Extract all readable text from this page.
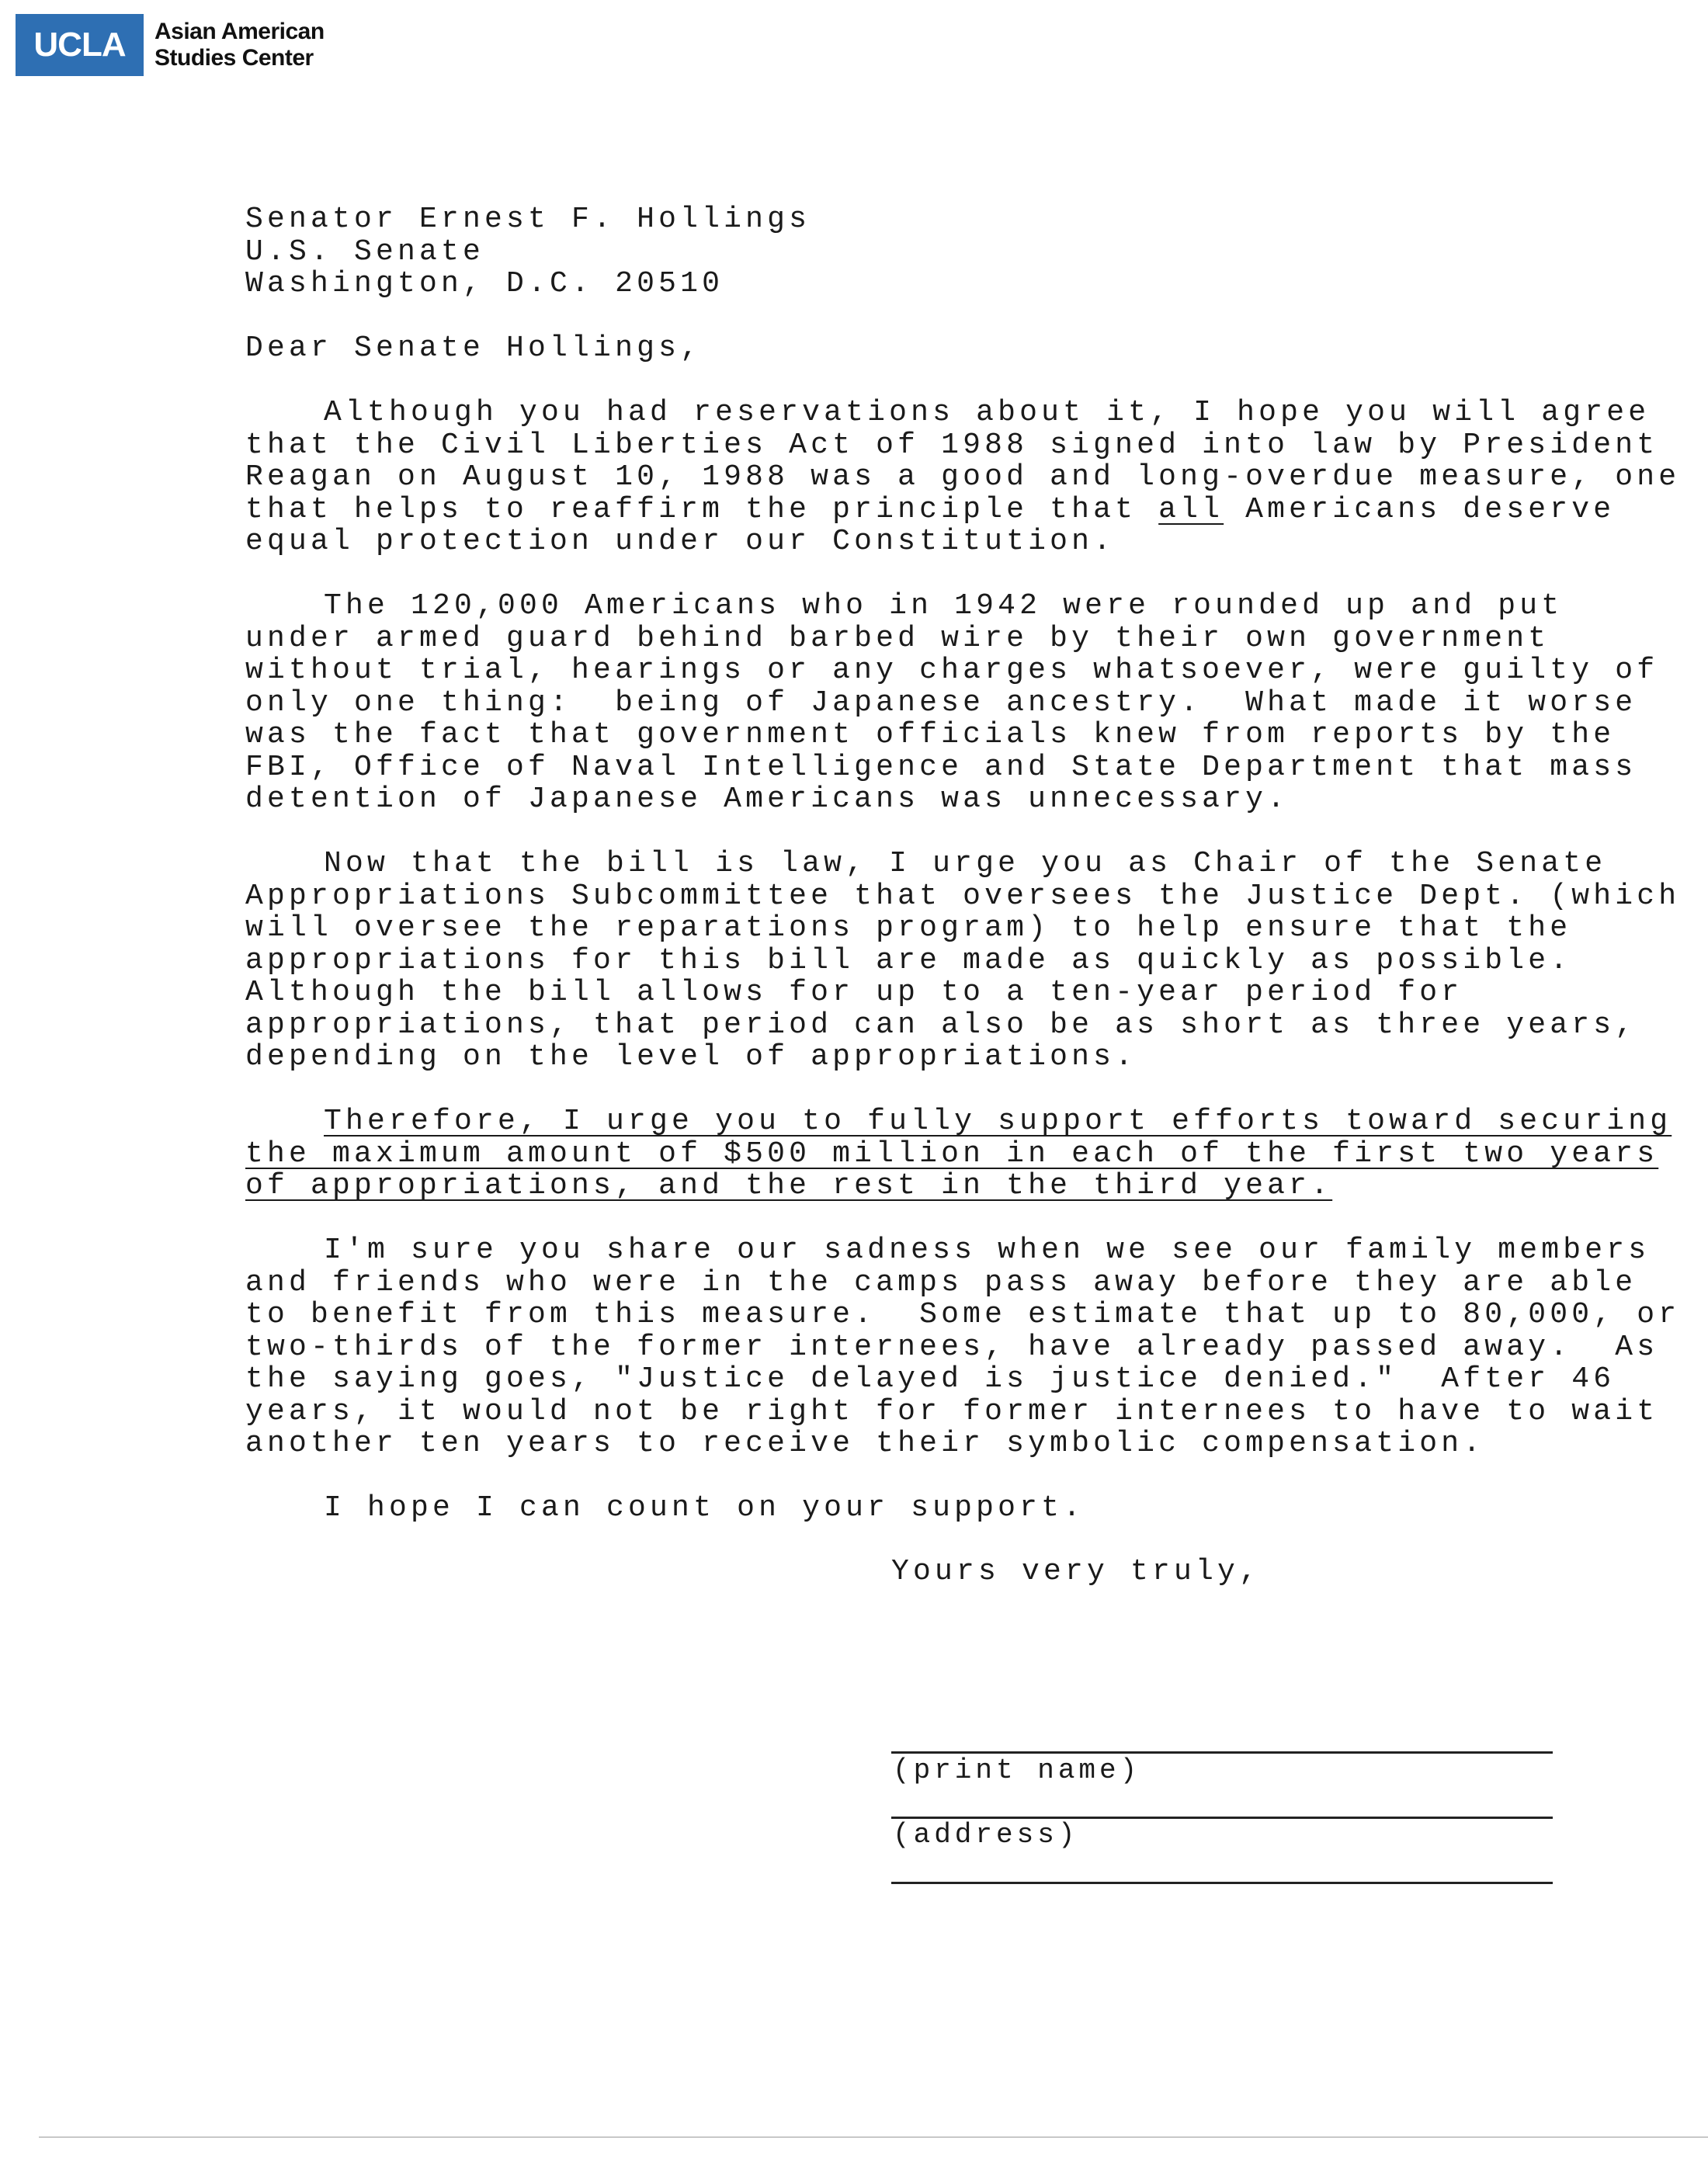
UCLA	Asian American
Studies Center
Senator Ernest F. Hollings
U.S. Senate
Washington, D.C. 20510
Dear Senate Hollings,
Although you had reservations about it, I hope you will agree
that the Civil Liberties Act of 1988 signed into law by President
Reagan on August 10, 1988 was a good and long-overdue measure, one
that helps to reaffirm the principle that all Americans deserve
equal protection under our Constitution.
The 120,000 Americans who in 1942 were rounded up and put
under armed guard behind barbed wire by their own government
without trial, hearings or any charges whatsoever, were guilty of
only one thing:  being of Japanese ancestry.  What made it worse
was the fact that government officials knew from reports by the
FBI, Office of Naval Intelligence and State Department that mass
detention of Japanese Americans was unnecessary.
Now that the bill is law, I urge you as Chair of the Senate
Appropriations Subcommittee that oversees the Justice Dept. (which
will oversee the reparations program) to help ensure that the
appropriations for this bill are made as quickly as possible.
Although the bill allows for up to a ten-year period for
appropriations, that period can also be as short as three years,
depending on the level of appropriations.
Therefore, I urge you to fully support efforts toward securing
the maximum amount of $500 million in each of the first two years
of appropriations, and the rest in the third year.
I'm sure you share our sadness when we see our family members
and friends who were in the camps pass away before they are able
to benefit from this measure.  Some estimate that up to 80,000, or
two-thirds of the former internees, have already passed away.  As
the saying goes, "Justice delayed is justice denied."  After 46
years, it would not be right for former internees to have to wait
another ten years to receive their symbolic compensation.
I hope I can count on your support.
Yours very truly,
(print name)
(address)
